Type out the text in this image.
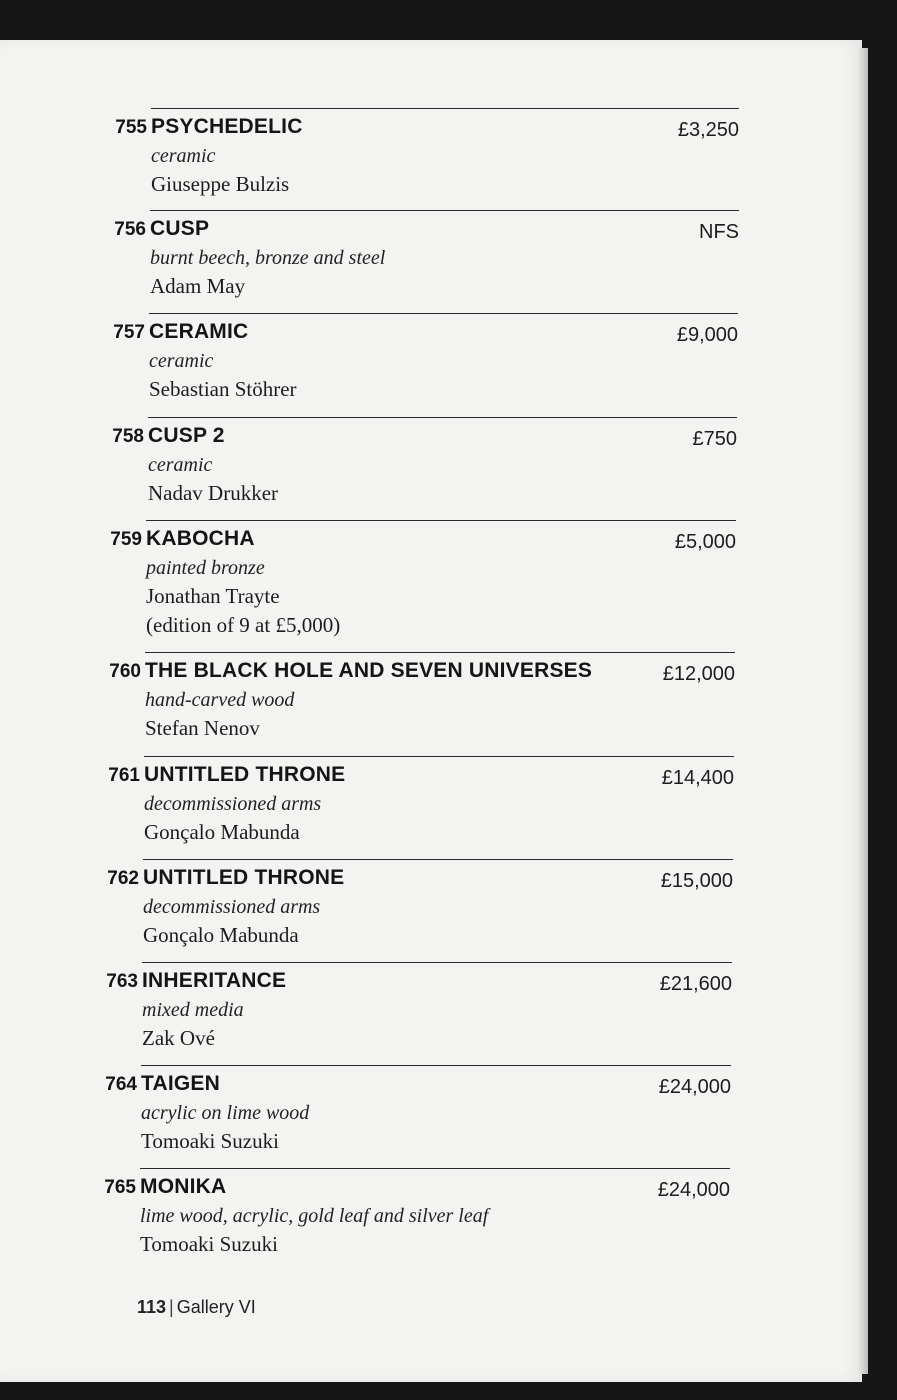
755 PSYCHEDELIC
ceramic
Giuseppe Bulzis
£3,250
756 CUSP
burnt beech, bronze and steel
Adam May
NFS
757 CERAMIC
ceramic
Sebastian Stöhrer
£9,000
758 CUSP 2
ceramic
Nadav Drukker
£750
759 KABOCHA
painted bronze
Jonathan Trayte
(edition of 9 at £5,000)
£5,000
760 THE BLACK HOLE AND SEVEN UNIVERSES
hand-carved wood
Stefan Nenov
£12,000
761 UNTITLED THRONE
decommissioned arms
Gonçalo Mabunda
£14,400
762 UNTITLED THRONE
decommissioned arms
Gonçalo Mabunda
£15,000
763 INHERITANCE
mixed media
Zak Ové
£21,600
764 TAIGEN
acrylic on lime wood
Tomoaki Suzuki
£24,000
765 MONIKA
lime wood, acrylic, gold leaf and silver leaf
Tomoaki Suzuki
£24,000
113 | Gallery VI
